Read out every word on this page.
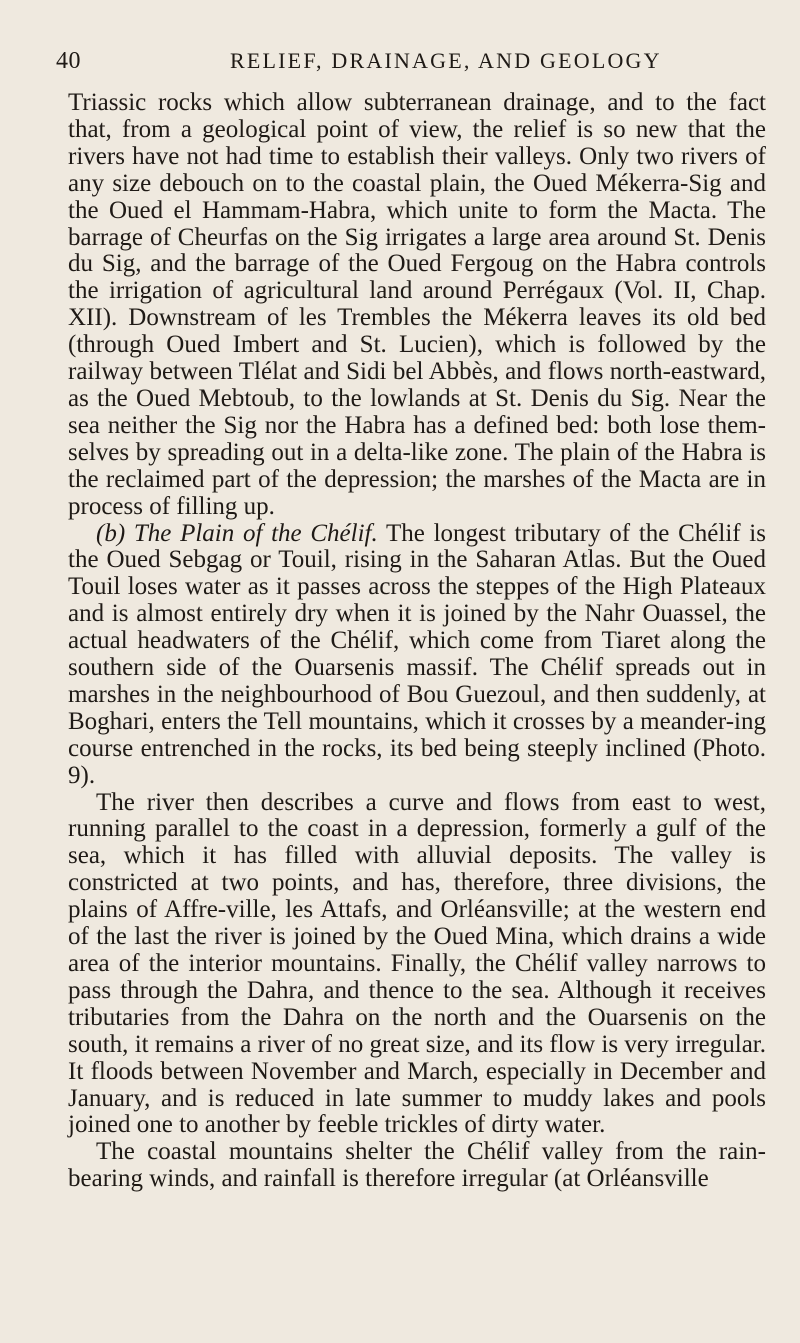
40	RELIEF, DRAINAGE, AND GEOLOGY

Triassic rocks which allow subterranean drainage, and to the fact that, from a geological point of view, the relief is so new that the rivers have not had time to establish their valleys. Only two rivers of any size debouch on to the coastal plain, the Oued Mékerra-Sig and the Oued el Hammam-Habra, which unite to form the Macta. The barrage of Cheurfas on the Sig irrigates a large area around St. Denis du Sig, and the barrage of the Oued Fergoug on the Habra controls the irrigation of agricultural land around Perrégaux (Vol. II, Chap. XII). Downstream of les Trembles the Mékerra leaves its old bed (through Oued Imbert and St. Lucien), which is followed by the railway between Tlélat and Sidi bel Abbès, and flows north-eastward, as the Oued Mebtoub, to the lowlands at St. Denis du Sig. Near the sea neither the Sig nor the Habra has a defined bed: both lose them-selves by spreading out in a delta-like zone. The plain of the Habra is the reclaimed part of the depression; the marshes of the Macta are in process of filling up.

(b) The Plain of the Chélif. The longest tributary of the Chélif is the Oued Sebgag or Touil, rising in the Saharan Atlas. But the Oued Touil loses water as it passes across the steppes of the High Plateaux and is almost entirely dry when it is joined by the Nahr Ouassel, the actual headwaters of the Chélif, which come from Tiaret along the southern side of the Ouarsenis massif. The Chélif spreads out in marshes in the neighbourhood of Bou Guezoul, and then suddenly, at Boghari, enters the Tell mountains, which it crosses by a meander-ing course entrenched in the rocks, its bed being steeply inclined (Photo. 9).

The river then describes a curve and flows from east to west, running parallel to the coast in a depression, formerly a gulf of the sea, which it has filled with alluvial deposits. The valley is constricted at two points, and has, therefore, three divisions, the plains of Affre-ville, les Attafs, and Orléansville; at the western end of the last the river is joined by the Oued Mina, which drains a wide area of the interior mountains. Finally, the Chélif valley narrows to pass through the Dahra, and thence to the sea. Although it receives tributaries from the Dahra on the north and the Ouarsenis on the south, it remains a river of no great size, and its flow is very irregular. It floods between November and March, especially in December and January, and is reduced in late summer to muddy lakes and pools joined one to another by feeble trickles of dirty water.

The coastal mountains shelter the Chélif valley from the rain-bearing winds, and rainfall is therefore irregular (at Orléansville
